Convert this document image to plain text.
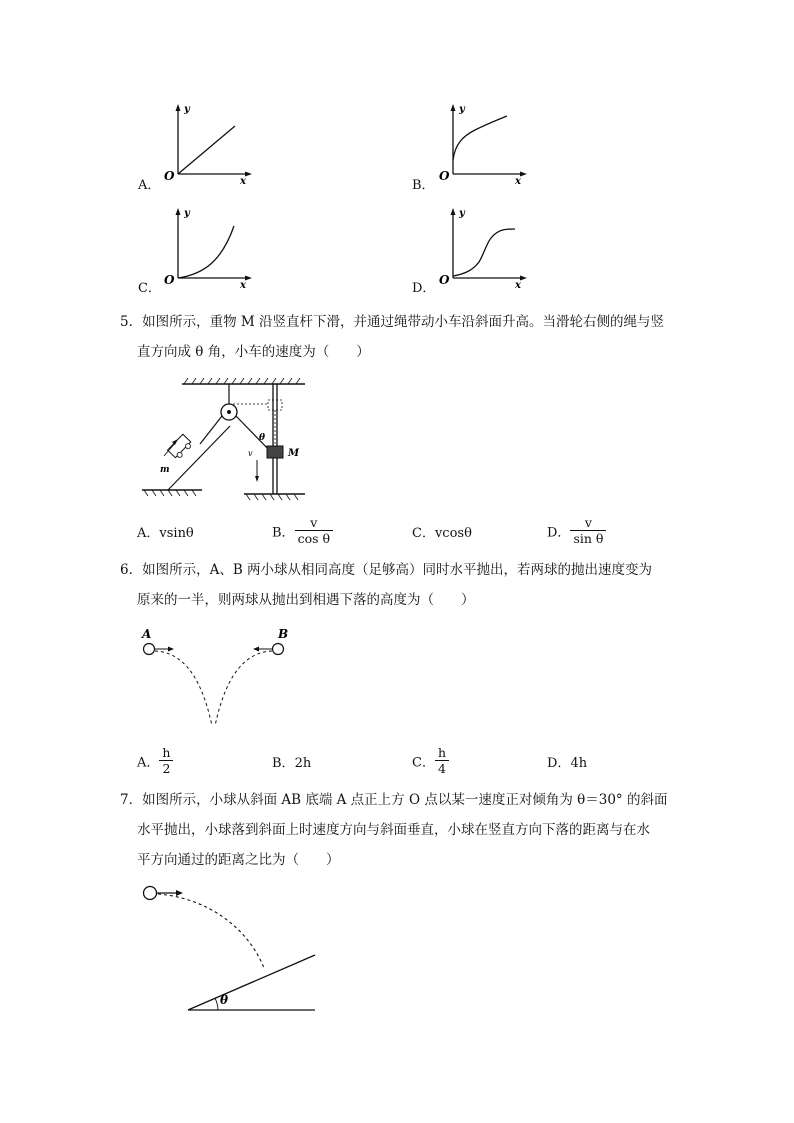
A．
y
x
O
B．
y
x
O
C．
y
x
O
D．
y
x
O
5．如图所示，重物 M 沿竖直杆下滑，并通过绳带动小车沿斜面升高。当滑轮右侧的绳与竖
直方向成 θ 角，小车的速度为（　　）
M
θ
v
m
A．vsinθ	B． $\frac{v}{\text{cos θ}}$	C．vcosθ	D． $\frac{v}{\text{sin θ}}$
6．如图所示，A、B 两小球从相同高度（足够高）同时水平抛出，若两球的抛出速度变为
原来的一半，则两球从抛出到相遇下落的高度为（　　）
A	B
A． $\frac{h}{2}$	B．2h	C． $\frac{h}{4}$	D．4h
7．如图所示，小球从斜面 AB 底端 A 点正上方 O 点以某一速度正对倾角为 θ＝30° 的斜面
水平抛出，小球落到斜面上时速度方向与斜面垂直，小球在竖直方向下落的距离与在水
平方向通过的距离之比为（　　）
θ
